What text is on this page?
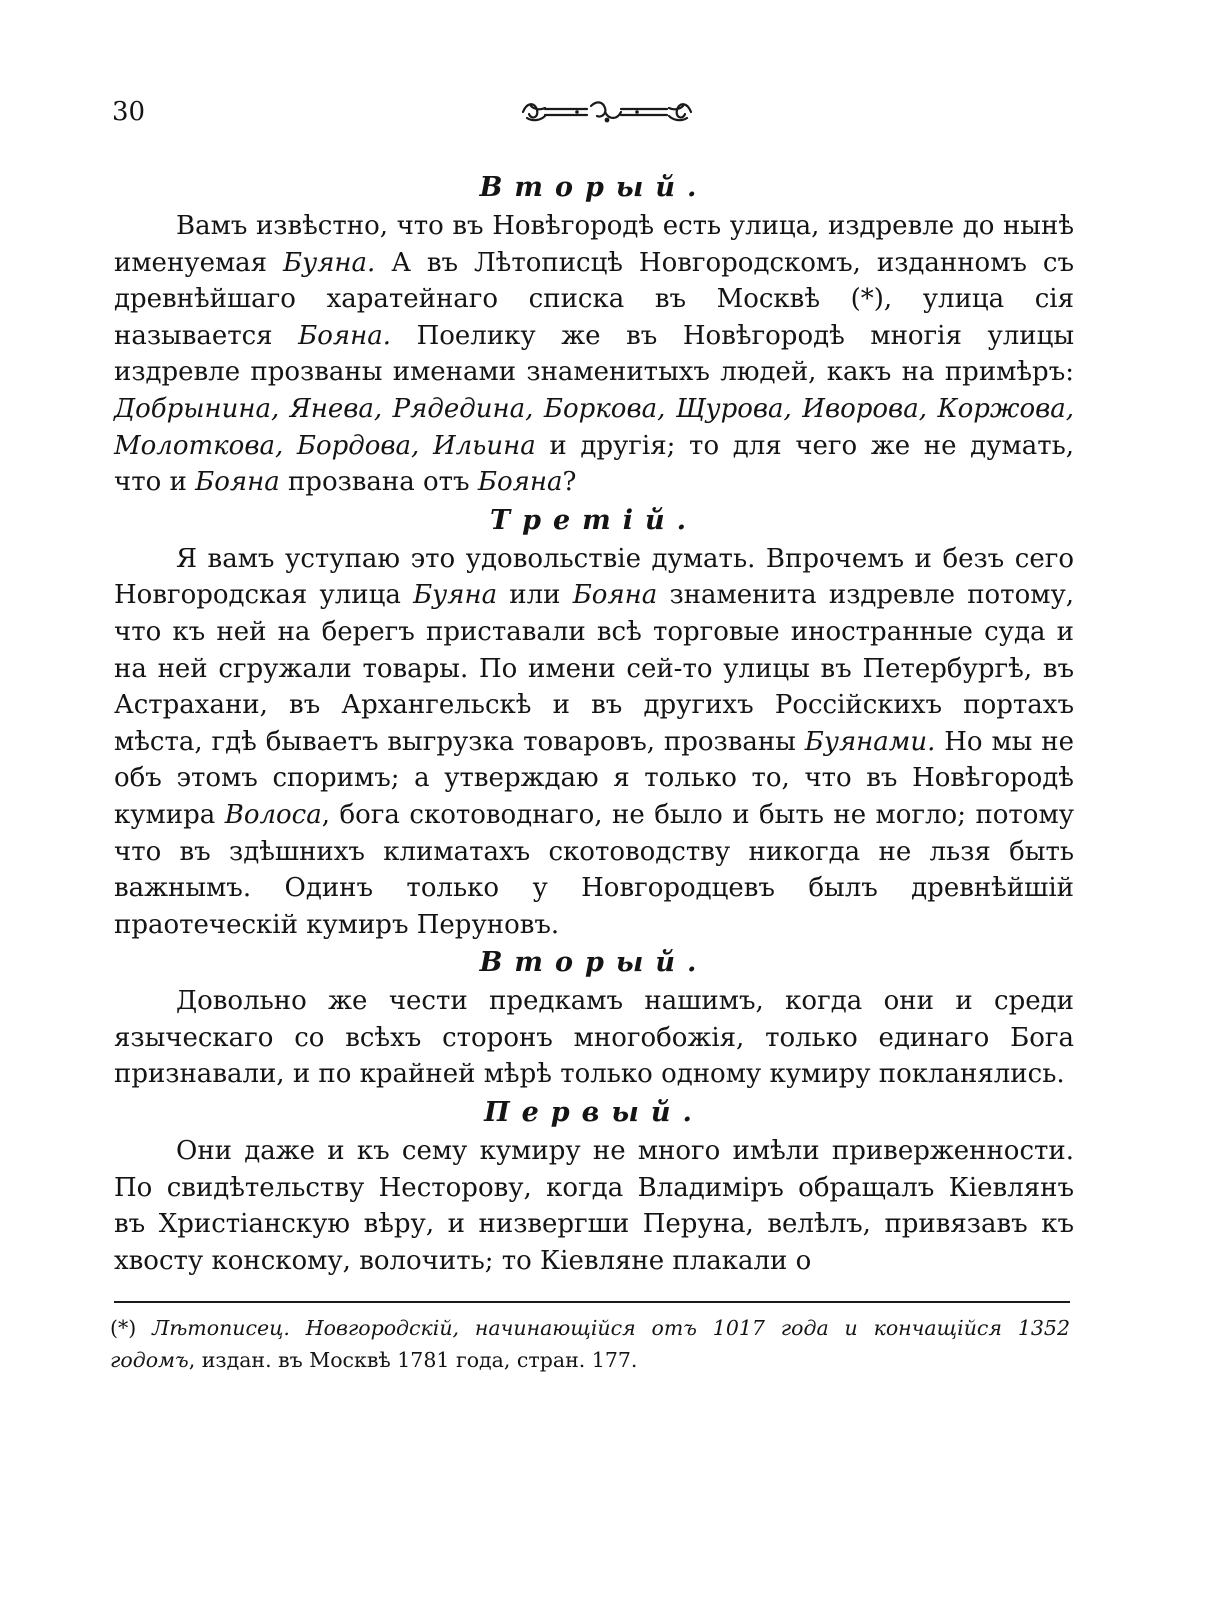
30

Вторый.

Вамъ извѣстно, что въ Новѣгородѣ есть улица, издревле до нынѣ именуемая Буяна. А въ Лѣтописцѣ Новгородскомъ, изданномъ съ древнѣйшаго харатейнаго списка въ Москвѣ (*), улица сія называется Бояна. Поелику же въ Новѣгородѣ многія улицы издревле прозваны именами знаменитыхъ людей, какъ на примѣръ: Добрынина, Янева, Рядедина, Боркова, Щурова, Иворова, Коржова, Молоткова, Бордова, Ильина и другія; то для чего же не думать, что и Бояна прозвана отъ Бояна?

Третій.

Я вамъ уступаю это удовольствіе думать. Впрочемъ и безъ сего Новгородская улица Буяна или Бояна знаменита издревле потому, что къ ней на берегъ приставали всѣ торговые иностранные суда и на ней сгружали товары. По имени сей-то улицы въ Петербургѣ, въ Астрахани, въ Архангельскѣ и въ другихъ Россійскихъ портахъ мѣста, гдѣ бываетъ выгрузка товаровъ, прозваны Буянами. Но мы не объ этомъ споримъ; а утверждаю я только то, что въ Новѣгородѣ кумира Волоса, бога скотоводнаго, не было и быть не могло; потому что въ здѣшнихъ климатахъ скотоводству никогда не льзя быть важнымъ. Одинъ только у Новгородцевъ былъ древнѣйшій праотеческій кумиръ Перуновъ.

Вторый.

Довольно же чести предкамъ нашимъ, когда они и среди языческаго со всѣхъ сторонъ многобожія, только единаго Бога признавали, и по крайней мѣрѣ только одному кумиру покланялись.

Первый.

Они даже и къ сему кумиру не много имѣли приверженности. По свидѣтельству Несторову, когда Владиміръ обращалъ Кіевлянъ въ Христіанскую вѣру, и низвергши Перуна, велѣлъ, привязавъ къ хвосту конскому, волочить; то Кіевляне плакали о

(*) Лѣтописец. Новгородскій, начинающійся отъ 1017 года и кончащійся 1352 годомъ, издан. въ Москвѣ 1781 года, стран. 177.
